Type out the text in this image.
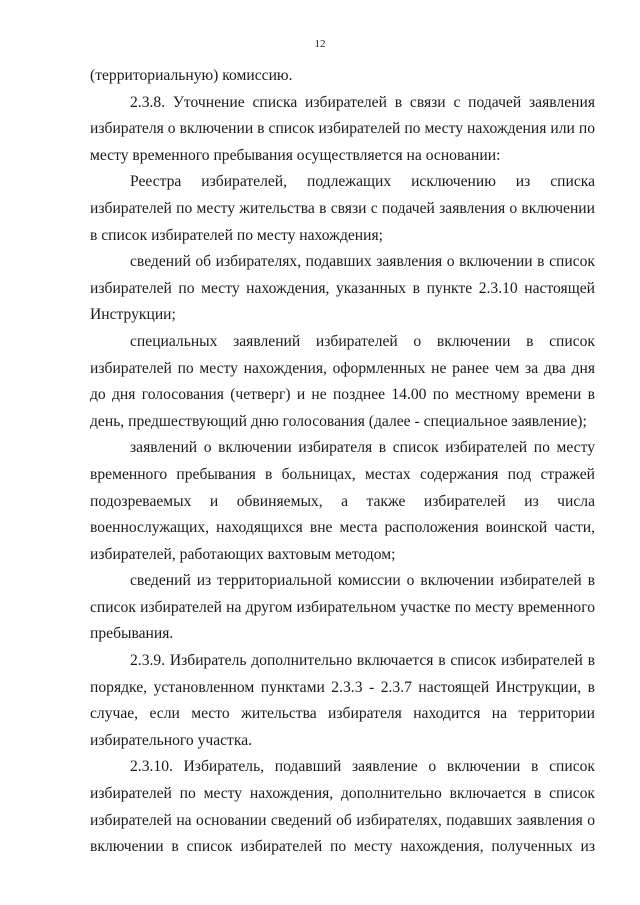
12

(территориальную) комиссию.

2.3.8. Уточнение списка избирателей в связи с подачей заявления избирателя о включении в список избирателей по месту нахождения или по месту временного пребывания осуществляется на основании:

Реестра избирателей, подлежащих исключению из списка избирателей по месту жительства в связи с подачей заявления о включении в список избирателей по месту нахождения;

сведений об избирателях, подавших заявления о включении в список избирателей по месту нахождения, указанных в пункте 2.3.10 настоящей Инструкции;

специальных заявлений избирателей о включении в список избирателей по месту нахождения, оформленных не ранее чем за два дня до дня голосования (четверг) и не позднее 14.00 по местному времени в день, предшествующий дню голосования (далее - специальное заявление);

заявлений о включении избирателя в список избирателей по месту временного пребывания в больницах, местах содержания под стражей подозреваемых и обвиняемых, а также избирателей из числа военнослужащих, находящихся вне места расположения воинской части, избирателей, работающих вахтовым методом;

сведений из территориальной комиссии о включении избирателей в список избирателей на другом избирательном участке по месту временного пребывания.

2.3.9. Избиратель дополнительно включается в список избирателей в порядке, установленном пунктами 2.3.3 - 2.3.7 настоящей Инструкции, в случае, если место жительства избирателя находится на территории избирательного участка.

2.3.10. Избиратель, подавший заявление о включении в список избирателей по месту нахождения, дополнительно включается в список избирателей на основании сведений об избирателях, подавших заявления о включении в список избирателей по месту нахождения, полученных из
